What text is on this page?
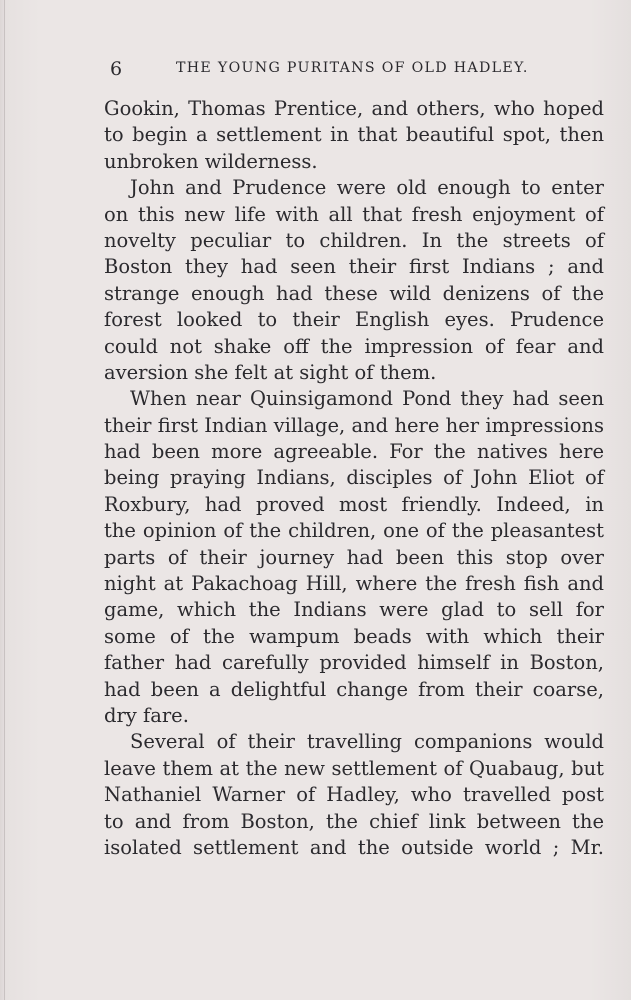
6	THE YOUNG PURITANS OF OLD HADLEY.
Gookin, Thomas Prentice, and others, who hoped
to begin a settlement in that beautiful spot, then
unbroken wilderness.
John and Prudence were old enough to enter
on this new life with all that fresh enjoyment of
novelty peculiar to children. In the streets of
Boston they had seen their first Indians ; and
strange enough had these wild denizens of the
forest looked to their English eyes. Prudence
could not shake off the impression of fear and
aversion she felt at sight of them.
When near Quinsigamond Pond they had seen
their first Indian village, and here her impressions
had been more agreeable. For the natives here
being praying Indians, disciples of John Eliot of
Roxbury, had proved most friendly. Indeed, in
the opinion of the children, one of the pleasantest
parts of their journey had been this stop over
night at Pakachoag Hill, where the fresh fish and
game, which the Indians were glad to sell for
some of the wampum beads with which their
father had carefully provided himself in Boston,
had been a delightful change from their coarse,
dry fare.
Several of their travelling companions would
leave them at the new settlement of Quabaug, but
Nathaniel Warner of Hadley, who travelled post
to and from Boston, the chief link between the
isolated settlement and the outside world ; Mr.
